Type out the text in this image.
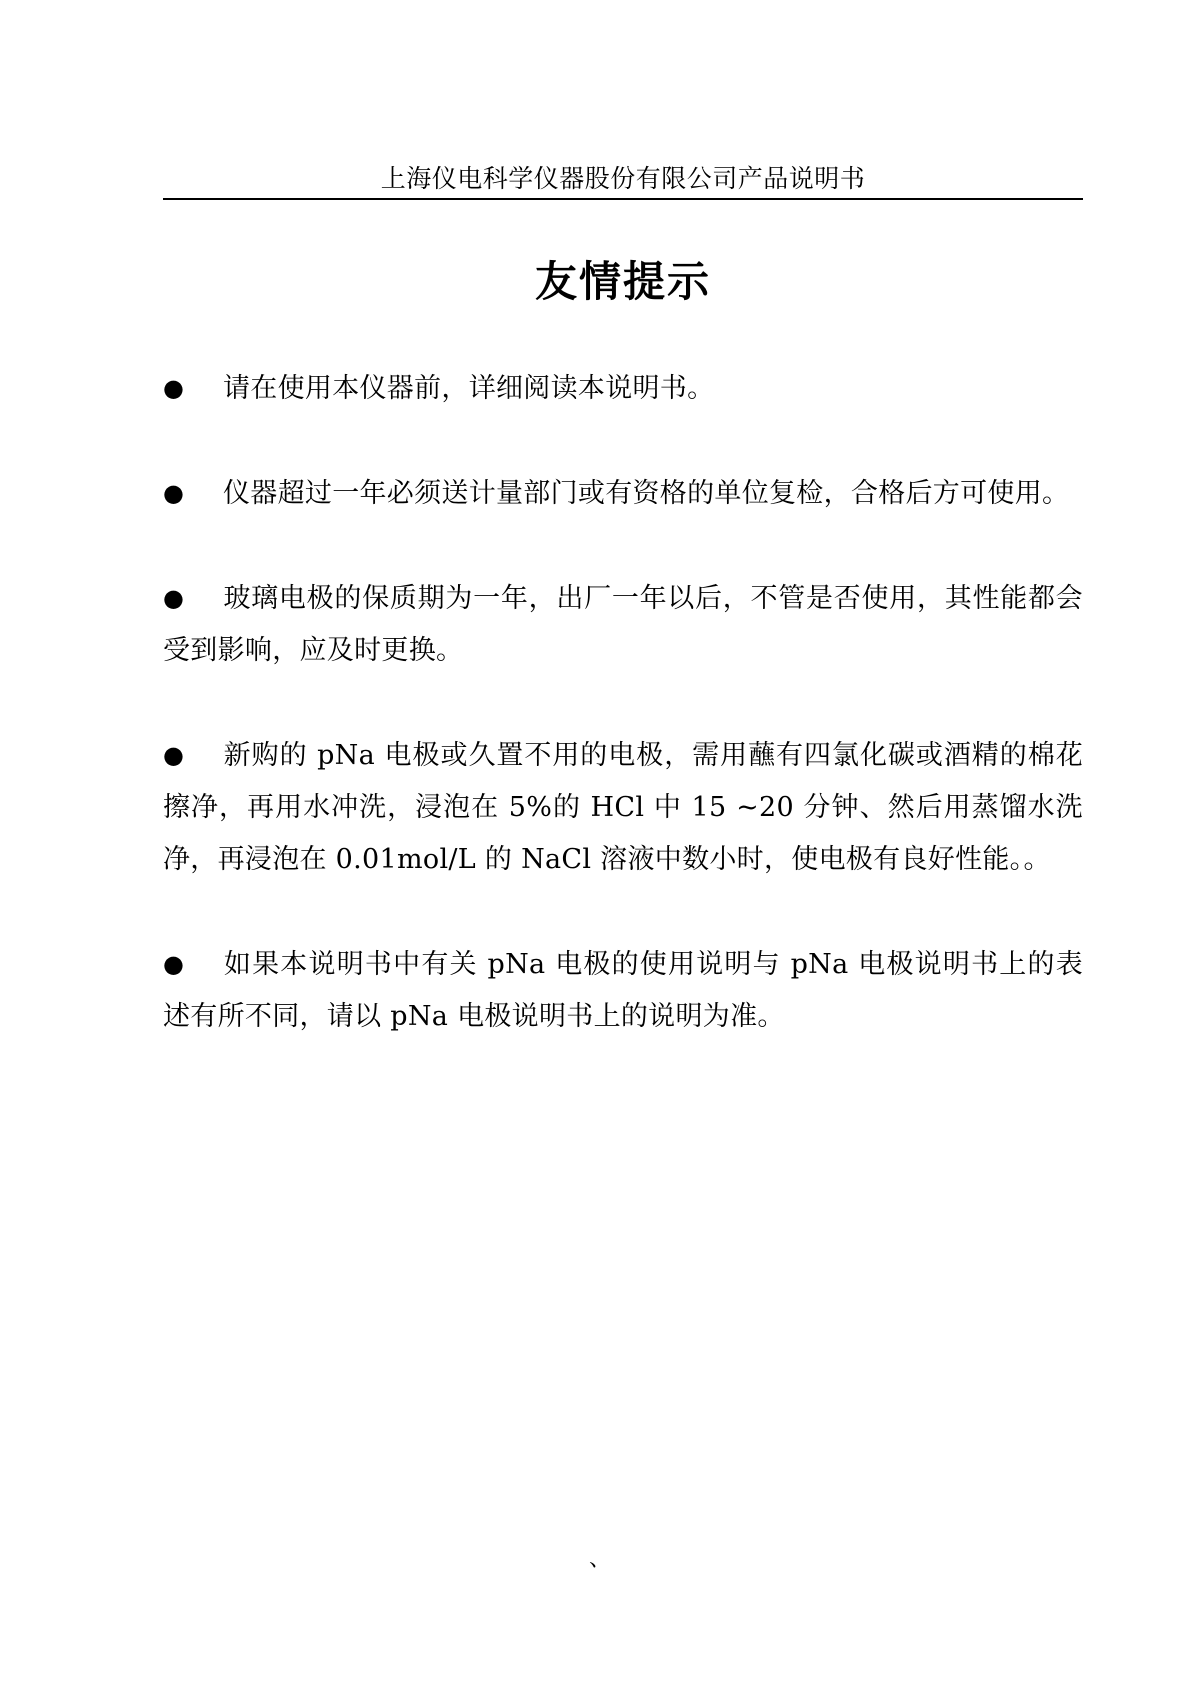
上海仪电科学仪器股份有限公司产品说明书
友情提示
● 请在使用本仪器前，详细阅读本说明书。
● 仪器超过一年必须送计量部门或有资格的单位复检，合格后方可使用。
● 玻璃电极的保质期为一年，出厂一年以后，不管是否使用，其性能都会受到影响，应及时更换。
● 新购的 pNa 电极或久置不用的电极，需用蘸有四氯化碳或酒精的棉花擦净，再用水冲洗，浸泡在 5%的 HCl 中 15 ~20 分钟、然后用蒸馏水洗净，再浸泡在 0.01mol/L 的 NaCl 溶液中数小时，使电极有良好性能。。
● 如果本说明书中有关 pNa 电极的使用说明与 pNa 电极说明书上的表述有所不同，请以 pNa 电极说明书上的说明为准。
、
